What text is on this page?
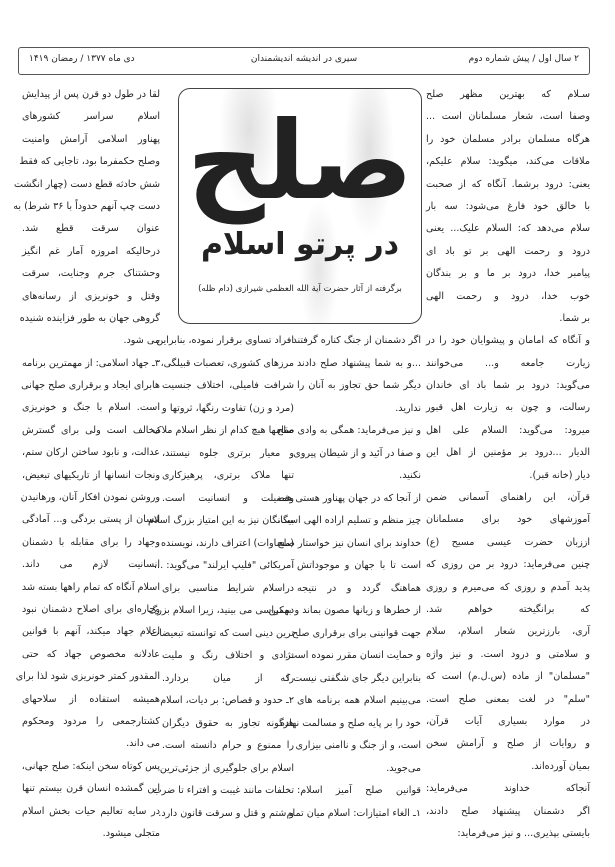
۲ سال اول / پیش شماره دوم
سیری در اندیشه اندیشمندان
دی ماه ۱۳۷۷ / رمضان ۱۴۱۹
صلح
در پرتو اسلام
برگرفته از آثار حضرت آیة الله العظمی شیرازی (دام ظله)
سـلام که بهترین مظهر صلح
وصفا است، شعار مسلمانان است ...
هرگاه مسلمان برادر مسلمان خود را
ملاقات می‌کند، میگوید: سلام علیکم،
یعنی: درود برشما. آنگاه که از صحبت
با خالق خود فارغ می‌شود: سه بار
سلام می‌دهد که: السلام علیک... یعنی
درود و رحمت الهی بر تو باد ای
پیامبر خدا، درود بر ما و بر بندگان
خوب خدا، درود و رحمت الهی
بر شما.
و آنگاه که امامان و پیشوایان خود را در
زیارت جامعه و... می‌خوانند
می‌گوید: درود بر شما باد ای خاندان
رسالت، و چون به زیارت اهل قبور
میرود: می‌گوید: السلام علی اهل
الدیار ...درود بر مؤمنین از اهل این
دیار (خانه قبر).
قرآن، این راهنمای آسمانی ضمن
آموزشهای خود برای مسلمانان
اززبان حضرت عیسی مسیح (ع)
چنین می‌فرماید: درود بر من روزی که
پدید آمدم و روزی که می‌میرم و روزی
که برانگیخته خواهم شد.
آری، بارزترین شعار اسلام، سلام
و سلامتی و درود است. و نیز واژه
"مسلمان" از ماده (س.ل.م) است که
"سلم" در لغت بمعنی صلح است.
در موارد بسیاری آیات قرآن،
و روایات از صلح و آرامش سخن
بمیان آورده‌اند.
آنجاکه خداوند می‌فرماید:
اگر دشمنان پیشنهاد صلح دادند،
بایستی بپذیری... و نیز می‌فرماید:
اگر دشمنان از جنگ کناره گرفتند
...و به شما پیشنهاد صلح دادند
دیگر شما حق تجاوز به آنان را
ندارید.
و نیز می‌فرماید: همگی به وادی صلح
و صفا در آئید و از شیطان پیروی
نکنید.
از آنجا که در جهان پهناور هستی همه
چیز منظم و تسلیم اراده الهی است،
خداوند برای انسان نیز خواستار صلح
است تا با جهان و موجوداتش
هماهنگ گردد و در نتیجه
از خطرها و زیانها مصون بماند و بهمین
جهت قوانینی برای برقراری صلح
و حمایت انسان مقرر نموده است.
بنابراین دیگر جای شگفتی نیست که
می‌بینیم اسلام همه برنامه های
خود را بر پایه صلح و مسالمت نهاده
است، و از جنگ و ناامنی بیزاری
می‌جوید.
قوانین صلح آمیز اسلام:
۱ـ الغاء امتیازات: اسلام میان تمام
افراد تساوی برقرار نموده، بنابراین
مرزهای کشوری، تعصبات قبیلگی،
شرافت فامیلی، اختلاف جنسیت
(مرد و زن) تفاوت رنگها، ثروتها و
مقامها هیچ کدام از نظر اسلام ملاک
و معیار برتری جلوه نیستند،
تنها ملاک برتری، پرهیزکاری
وفضیلت و انسانیت است.
بیگانگان نیز به این امتیاز بزرگ اسلام
(مساوات) اعتراف دارند، نویسنده
آمریکائی "فلیپ ایرلند" می‌گوید: ...
دراسلام شرایط مناسبی برای
دمکراسی می بینید، زیرا اسلام بزرگ
ترین دینی است که توانسته تبعیضات
نژادی و اختلاف رنگ و ملیت
را از میان بردارد.
۲ـ حدود و قصاص: بر دیات، اسلام
هرگونه تجاوز به حقوق دیگران
را ممنوع و حرام دانسته است.
اسلام برای جلوگیری از جزئی‌ترین
تخلفات مانند غیبت و افتراء تا ضرب
و شتم و قتل و سرقت قانون دارد.
لقا در طول دو قرن پس از پیدایش
اسلام سراسر کشورهای
پهناور اسلامی آرامش وامنیت
وصلح حکمفرما بود، تاجایی که فقط
شش حادثه قطع دست (چهار انگشت
دست چپ آنهم حدوداً با ۳۶ شرط) به
عنوان سرقت قطع شد.
درحالیکه امروزه آمار غم انگیز
وحشتناک جرم وجنایت، سرقت
وقتل و خونریزی از رسانه‌های
گروهی جهان به طور فزاینده شنیده
می شود.
۳ـ جهاد اسلامی: از مهمترین برنامه
هابرای ایجاد و برقراری صلح جهانی
است. اسلام با جنگ و خونریزی
مخالف است ولی برای گسترش
عدالت، و نابود ساختن ارکان ستم،
ونجات انسانها از تاریکیهای تبعیض،
وروشن نمودن افکار آنان، ورهانیدن
انسان از پستی بردگی و... آمادگی
وجهاد را برای مقابله با دشمنان
انسانیت لازم می داند.
اسلام آنگاه که تمام راهها بسته شد
وچاره‌ای برای اصلاح دشمنان نبود
اعلام جهاد میکند، آنهم با قوانین
عادلانه مخصوص جهاد که حتی
المقدور کمتر خونریزی شود لذا برای
همیشه استفاده از سلاحهای
کشتارجمعی را مردود ومحکوم
می داند.
پس کوتاه سخن اینکه: صلح جهانی،
این گمشده انسان قرن بیستم تنها
در سایه تعالیم حیات بخش اسلام
متجلی میشود.
